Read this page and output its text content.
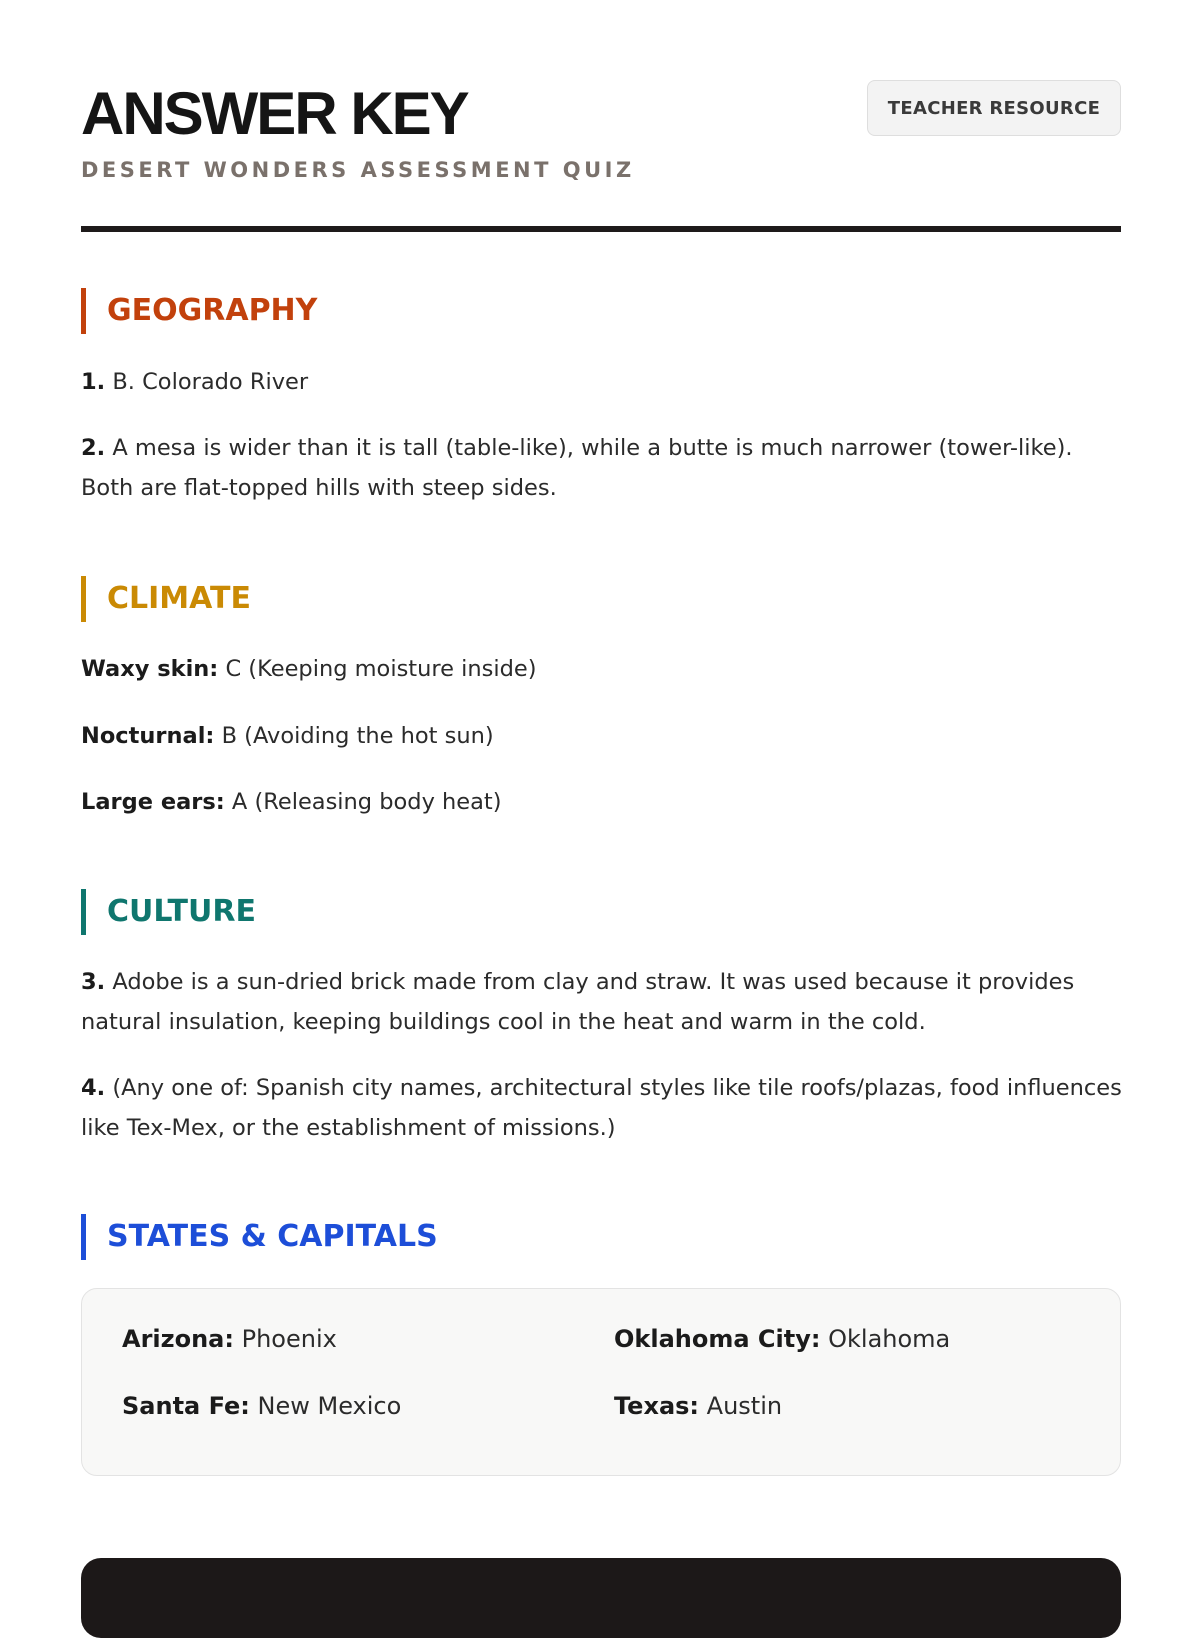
ANSWER KEY
DESERT WONDERS ASSESSMENT QUIZ
TEACHER RESOURCE
GEOGRAPHY
1. B. Colorado River
2. A mesa is wider than it is tall (table-like), while a butte is much narrower (tower-like). Both are flat-topped hills with steep sides.
CLIMATE
Waxy skin: C (Keeping moisture inside)
Nocturnal: B (Avoiding the hot sun)
Large ears: A (Releasing body heat)
CULTURE
3. Adobe is a sun-dried brick made from clay and straw. It was used because it provides natural insulation, keeping buildings cool in the heat and warm in the cold.
4. (Any one of: Spanish city names, architectural styles like tile roofs/plazas, food influences like Tex-Mex, or the establishment of missions.)
STATES & CAPITALS
Arizona: Phoenix	Oklahoma City: Oklahoma
Santa Fe: New Mexico	Texas: Austin
